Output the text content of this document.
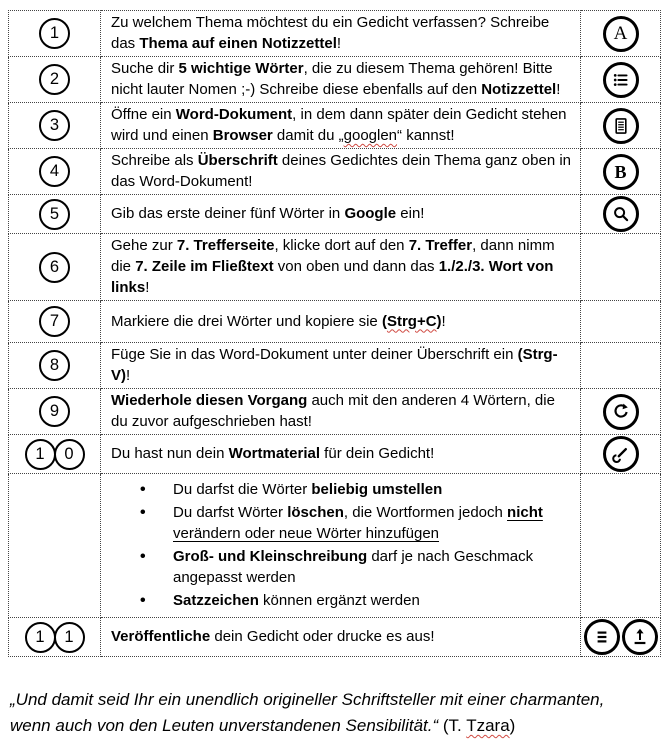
1	Zu welchem Thema möchtest du ein Gedicht verfassen? Schreibe das Thema auf einen Notizzettel!	A

2	Suche dir 5 wichtige Wörter, die zu diesem Thema gehören! Bitte nicht lauter Nomen ;-) Schreibe diese ebenfalls auf den Notizzettel!	

3	Öffne ein Word-Dokument, in dem dann später dein Gedicht stehen wird und einen Browser damit du „googlen“ kannst!	

4	Schreibe als Überschrift deines Gedichtes dein Thema ganz oben in das Word-Dokument!	B

5	Gib das erste deiner fünf Wörter in Google ein!	

6	Gehe zur 7. Trefferseite, klicke dort auf den 7. Treffer, dann nimm die 7. Zeile im Fließtext von oben und dann das 1./2./3. Wort von links!	
7	Markiere die drei Wörter und kopiere sie (Strg+C)!	
8	Füge Sie in das Word-Dokument unter deiner Überschrift ein (Strg-V)!	
9	Wiederhole diesen Vorgang auch mit den anderen 4 Wörtern, die du zuvor aufgeschrieben hast!	

1 0	Du hast nun dein Wortmaterial für dein Gedicht!	

• Du darfst die Wörter beliebig umstellen
• Du darfst Wörter löschen, die Wortformen jedoch nicht verändern oder neue Wörter hinzufügen
• Groß- und Kleinschreibung darf je nach Geschmack angepasst werden
• Satzzeichen können ergänzt werden

1 1	Veröffentliche dein Gedicht oder drucke es aus!	
„Und damit seid Ihr ein unendlich origineller Schriftsteller mit einer charmanten,
wenn auch von den Leuten unverstandenen Sensibilität.“ (T. Tzara)
